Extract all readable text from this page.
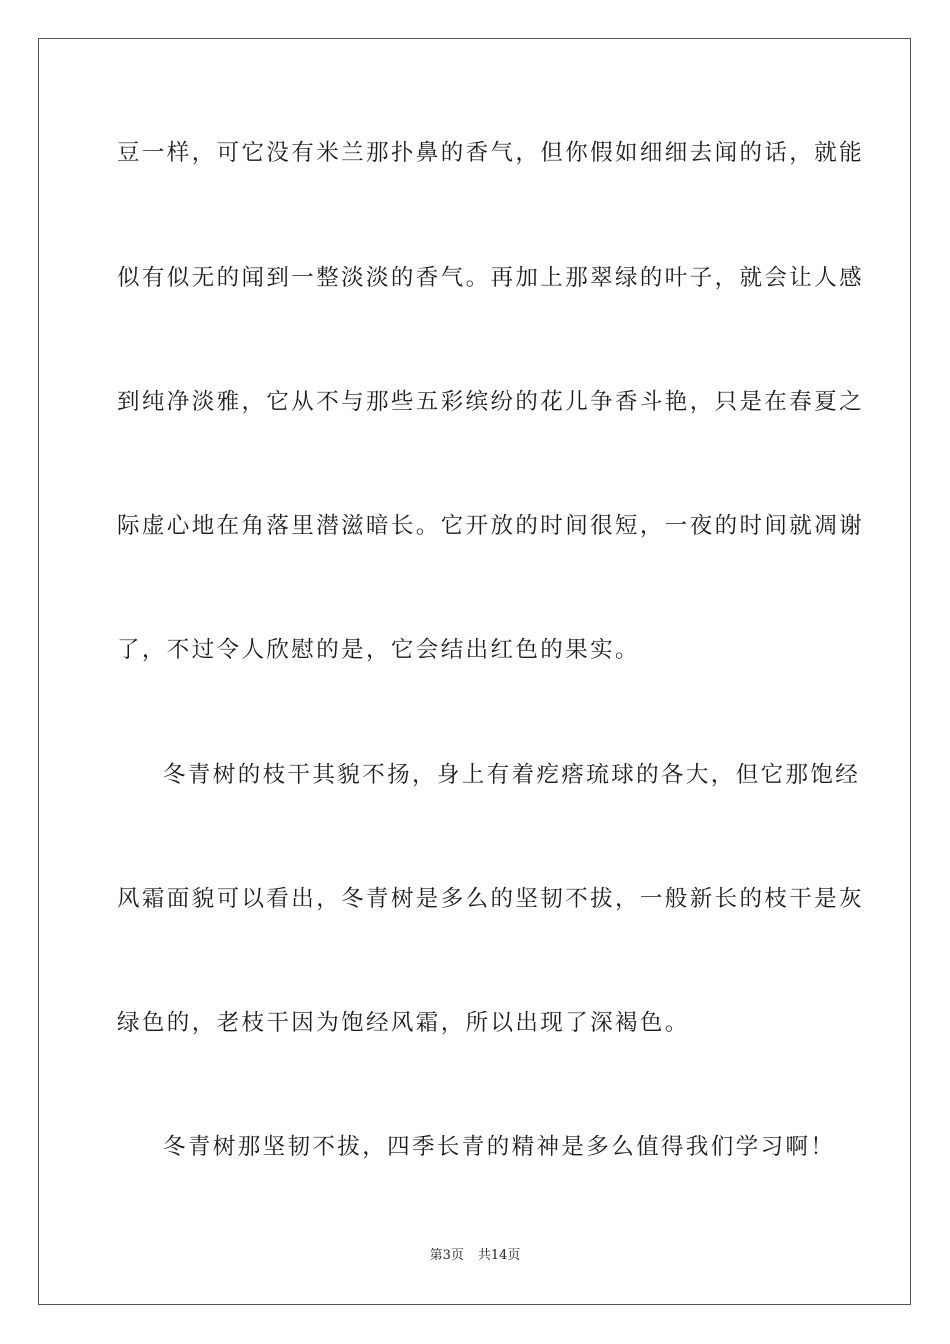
豆一样，可它没有米兰那扑鼻的香气，但你假如细细去闻的话，就能
似有似无的闻到一整淡淡的香气。再加上那翠绿的叶子，就会让人感
到纯净淡雅，它从不与那些五彩缤纷的花儿争香斗艳，只是在春夏之
际虚心地在角落里潜滋暗长。它开放的时间很短，一夜的时间就凋谢
了，不过令人欣慰的是，它会结出红色的果实。
冬青树的枝干其貌不扬，身上有着疙瘩琉球的各大，但它那饱经
风霜面貌可以看出，冬青树是多么的坚韧不拔，一般新长的枝干是灰
绿色的，老枝干因为饱经风霜，所以出现了深褐色。
冬青树那坚韧不拔，四季长青的精神是多么值得我们学习啊！
第3页 共14页
